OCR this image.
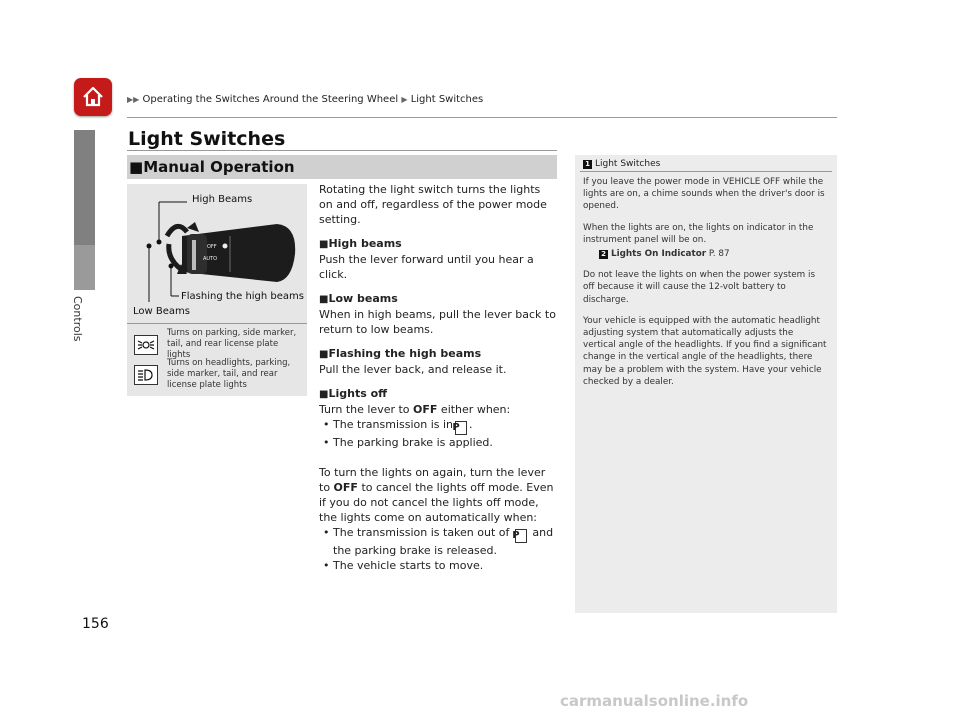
Controls
▶▶ Operating the Switches Around the Steering Wheel ▶ Light Switches
Light Switches
■Manual Operation
OFF
AUTO
High Beams
Flashing the high beams
Low Beams
Turns on parking, side marker, tail, and rear license plate lights
Turns on headlights, parking, side marker, tail, and rear license plate lights

Rotating the light switch turns the lights on and off, regardless of the power mode setting.

■High beams

Push the lever forward until you hear a click.

■Low beams

When in high beams, pull the lever back to return to low beams.

■Flashing the high beams

Pull the lever back, and release it.

■Lights off

Turn the lever to OFF either when:

• The transmission is inP .

• The parking brake is applied.

To turn the lights on again, turn the lever to OFF to cancel the lights off mode. Even if you do not cancel the lights off mode, the lights come on automatically when:

• The transmission is taken out of P and the parking brake is released.

• The vehicle starts to move.

1 Light Switches

If you leave the power mode in VEHICLE OFF while the lights are on, a chime sounds when the driver's door is opened.

When the lights are on, the lights on indicator in the instrument panel will be on.

2 Lights On Indicator P. 87

Do not leave the lights on when the power system is off because it will cause the 12-volt battery to discharge.

Your vehicle is equipped with the automatic headlight adjusting system that automatically adjusts the vertical angle of the headlights. If you find a significant change in the vertical angle of the headlights, there may be a problem with the system. Have your vehicle checked by a dealer.

156
carmanualsonline.info
